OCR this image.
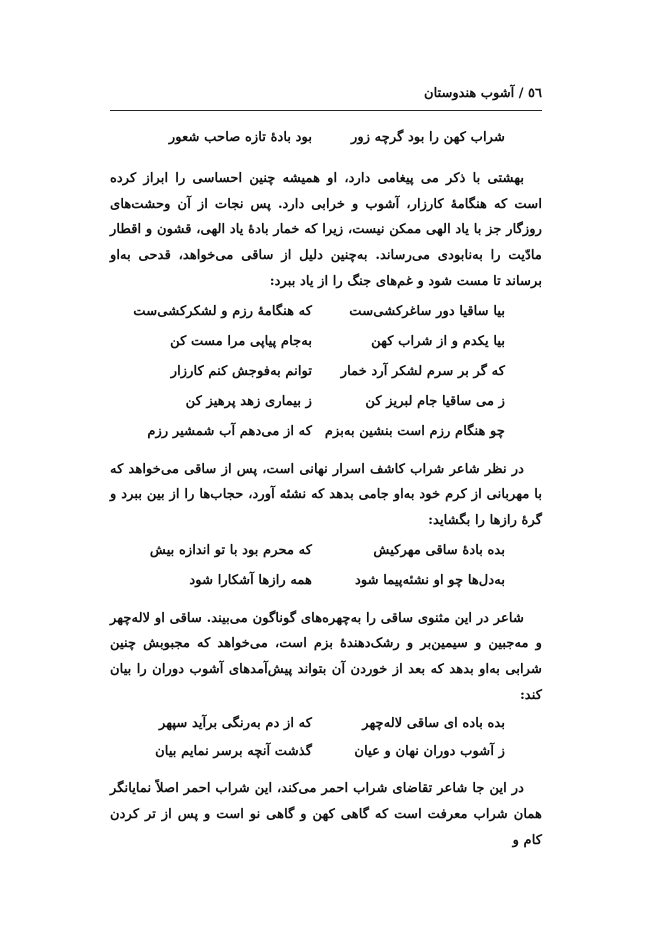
٥٦ / آشوب هندوستان
شراب کهن را بود گرچه زور
بود بادهٔ تازه صاحب شعور

بهشتی با ذکر می پیغامی دارد، او همیشه چنین احساسی را ابراز کرده است که هنگامهٔ کارزار، آشوب و خرابی دارد. پس نجات از آن وحشت‌های روزگار جز با یاد الهی ممکن نیست، زیرا که خمار بادهٔ یاد الهی، قشون و اقطار مادّیت را به‌نابودی می‌رساند. به‌چنین دلیل از ساقی می‌خواهد، قدحی به‌او برساند تا مست شود و غم‌های جنگ را از یاد ببرد:

بیا ساقیا دور ساغرکشی‌ست
که هنگامهٔ رزم و لشکرکشی‌ست
بیا یکدم و از شراب کهن
به‌جام پیاپی مرا مست کن
که گر بر سرم لشکر آرد خمار
توانم به‌فوجش کنم کارزار
ز می ساقیا جام لبریز کن
ز بیماری زهد پرهیز کن
چو هنگام رزم است بنشین به‌بزم
که از می‌دهم آب شمشیر رزم

در نظر شاعر شراب کاشف اسرار نهانی است، پس از ساقی می‌خواهد که با مهربانی از کرم خود به‌او جامی بدهد که نشئه آورد، حجاب‌ها را از بین ببرد و گرهٔ رازها را بگشاید:

بده بادهٔ ساقی مهرکیش
که محرم بود با تو اندازه بیش
به‌دل‌ها چو او نشئه‌پیما شود
همه رازها آشکارا شود

شاعر در این مثنوی ساقی را به‌چهره‌های گوناگون می‌بیند. ساقی او لاله‌چهر و مه‌جبین و سیمین‌بر و رشک‌دهندهٔ بزم است، می‌خواهد که مجبوبش چنین شرابی به‌او بدهد که بعد از خوردن آن بتواند پیش‌آمدهای آشوب دوران را بیان کند:

بده باده ای ساقی لاله‌چهر
که از دم به‌رنگی برآید سپهر
ز آشوب دوران نهان و عیان
گذشت آنچه برسر نمایم بیان

در این جا شاعر تقاضای شراب احمر می‌کند، این شراب احمر اصلاً نمایانگر همان شراب معرفت است که گاهی کهن و گاهی نو است و پس از تر کردن کام و
